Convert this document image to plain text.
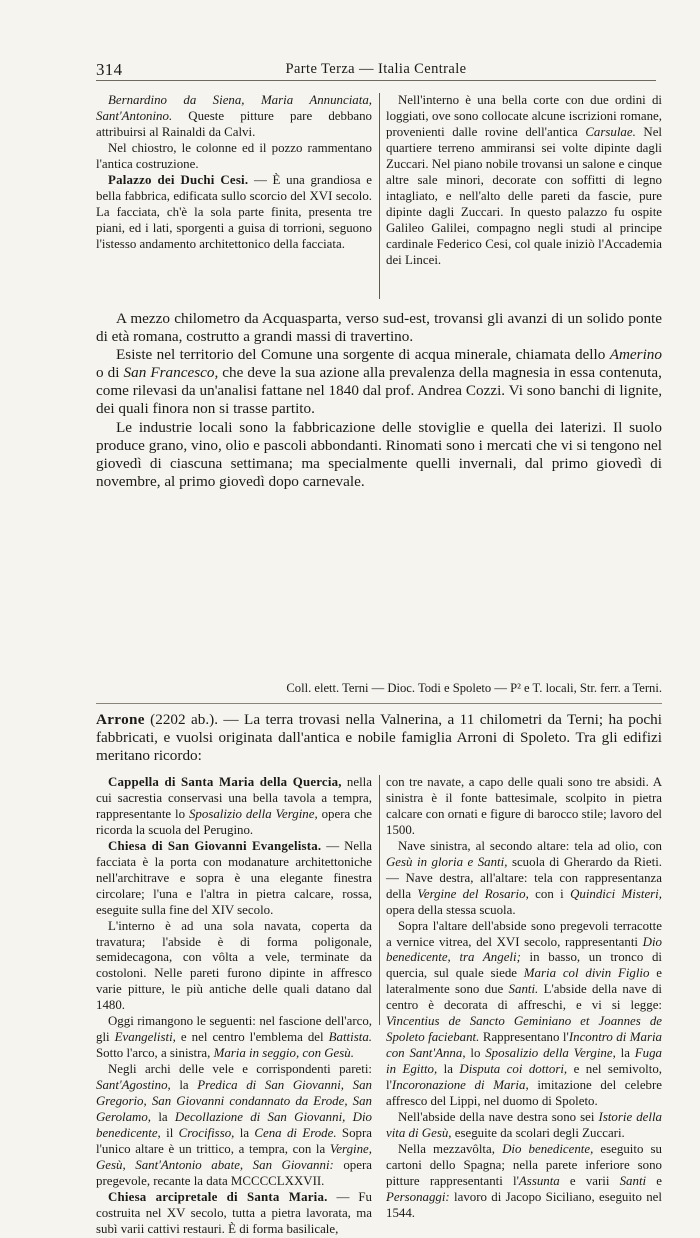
314	Parte Terza — Italia Centrale

Bernardino da Siena, Maria Annunciata, Sant'Antonino. Queste pitture pare debbano attribuirsi al Rainaldi da Calvi.

Nel chiostro, le colonne ed il pozzo rammentano l'antica costruzione.

Palazzo dei Duchi Cesi. — È una grandiosa e bella fabbrica, edificata sullo scorcio del XVI secolo. La facciata, ch'è la sola parte finita, presenta tre piani, ed i lati, sporgenti a guisa di torrioni, seguono l'istesso andamento architettonico della facciata.

Nell'interno è una bella corte con due ordini di loggiati, ove sono collocate alcune iscrizioni romane, provenienti dalle rovine dell'antica Carsulae. Nel quartiere terreno ammiransi sei volte dipinte dagli Zuccari. Nel piano nobile trovansi un salone e cinque altre sale minori, decorate con soffitti di legno intagliato, e nell'alto delle pareti da fascie, pure dipinte dagli Zuccari. In questo palazzo fu ospite Galileo Galilei, compagno negli studi al principe cardinale Federico Cesi, col quale iniziò l'Accademia dei Lincei.

A mezzo chilometro da Acquasparta, verso sud-est, trovansi gli avanzi di un solido ponte di età romana, costrutto a grandi massi di travertino.

Esiste nel territorio del Comune una sorgente di acqua minerale, chiamata dello Amerino o di San Francesco, che deve la sua azione alla prevalenza della magnesia in essa contenuta, come rilevasi da un'analisi fattane nel 1840 dal prof. Andrea Cozzi. Vi sono banchi di lignite, dei quali finora non si trasse partito.

Le industrie locali sono la fabbricazione delle stoviglie e quella dei laterizi. Il suolo produce grano, vino, olio e pascoli abbondanti. Rinomati sono i mercati che vi si tengono nel giovedì di ciascuna settimana; ma specialmente quelli invernali, dal primo giovedì di novembre, al primo giovedì dopo carnevale.

Coll. elett. Terni — Dioc. Todi e Spoleto — P² e T. locali, Str. ferr. a Terni.

Arrone (2202 ab.). — La terra trovasi nella Valnerina, a 11 chilometri da Terni; ha pochi fabbricati, e vuolsi originata dall'antica e nobile famiglia Arroni di Spoleto. Tra gli edifizi meritano ricordo:

Cappella di Santa Maria della Quercia, nella cui sacrestia conservasi una bella tavola a tempra, rappresentante lo Sposalizio della Vergine, opera che ricorda la scuola del Perugino.

Chiesa di San Giovanni Evangelista. — Nella facciata è la porta con modanature architettoniche nell'architrave e sopra è una elegante finestra circolare; l'una e l'altra in pietra calcare, rossa, eseguite sulla fine del XIV secolo.

L'interno è ad una sola navata, coperta da travatura; l'abside è di forma poligonale, semidecagona, con vôlta a vele, terminate da costoloni. Nelle pareti furono dipinte in affresco varie pitture, le più antiche delle quali datano dal 1480.

Oggi rimangono le seguenti: nel fascione dell'arco, gli Evangelisti, e nel centro l'emblema del Battista. Sotto l'arco, a sinistra, Maria in seggio, con Gesù.

Negli archi delle vele e corrispondenti pareti: Sant'Agostino, la Predica di San Giovanni, San Gregorio, San Giovanni condannato da Erode, San Gerolamo, la Decollazione di San Giovanni, Dio benedicente, il Crocifisso, la Cena di Erode. Sopra l'unico altare è un trittico, a tempra, con la Vergine, Gesù, Sant'Antonio abate, San Giovanni: opera pregevole, recante la data MCCCCLXXVII.

Chiesa arcipretale di Santa Maria. — Fu costruita nel XV secolo, tutta a pietra lavorata, ma subì varii cattivi restauri. È di forma basilicale,

con tre navate, a capo delle quali sono tre absidi. A sinistra è il fonte battesimale, scolpito in pietra calcare con ornati e figure di barocco stile; lavoro del 1500.

Nave sinistra, al secondo altare: tela ad olio, con Gesù in gloria e Santi, scuola di Gherardo da Rieti. — Nave destra, all'altare: tela con rappresentanza della Vergine del Rosario, con i Quindici Misteri, opera della stessa scuola.

Sopra l'altare dell'abside sono pregevoli terracotte a vernice vitrea, del XVI secolo, rappresentanti Dio benedicente, tra Angeli; in basso, un tronco di quercia, sul quale siede Maria col divin Figlio e lateralmente sono due Santi. L'abside della nave di centro è decorata di affreschi, e vi si legge: Vincentius de Sancto Geminiano et Joannes de Spoleto faciebant. Rappresentano l'Incontro di Maria con Sant'Anna, lo Sposalizio della Vergine, la Fuga in Egitto, la Disputa coi dottori, e nel semivolto, l'Incoronazione di Maria, imitazione del celebre affresco del Lippi, nel duomo di Spoleto.

Nell'abside della nave destra sono sei Istorie della vita di Gesù, eseguite da scolari degli Zuccari.

Nella mezzavôlta, Dio benedicente, eseguito su cartoni dello Spagna; nella parete inferiore sono pitture rappresentanti l'Assunta e varii Santi e Personaggi: lavoro di Jacopo Siciliano, eseguito nel 1544.
